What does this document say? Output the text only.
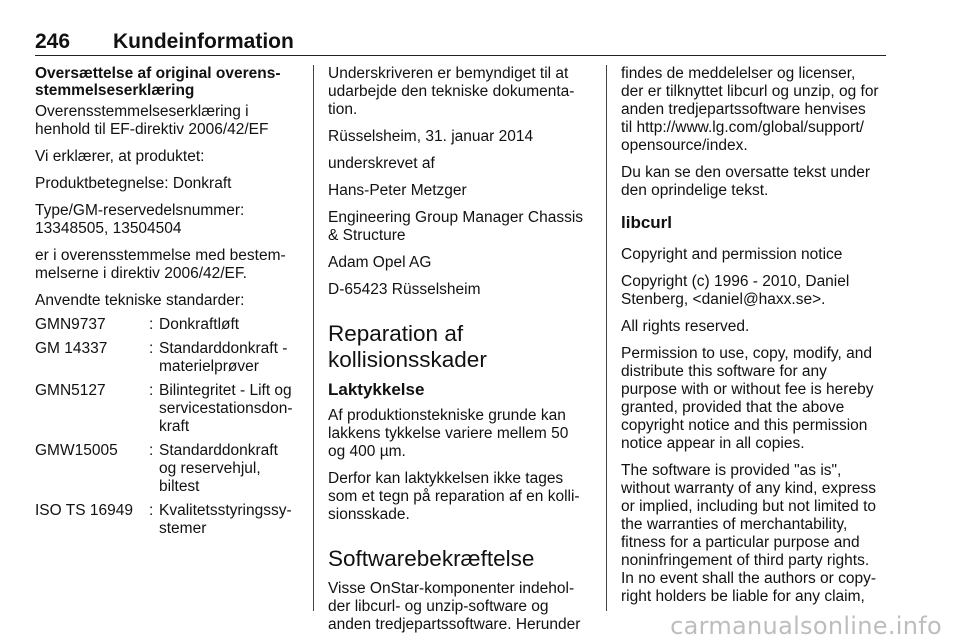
246 Kundeinformation
Oversættelse af original overens-
stemmelseserklæring
Overensstemmelseserklæring i
henhold til EF-direktiv 2006/42/EF
Vi erklærer, at produktet:
Produktbetegnelse: Donkraft
Type/GM-reservedelsnummer:
13348505, 13504504
er i overensstemmelse med bestem-
melserne i direktiv 2006/42/EF.
Anvendte tekniske standarder:
GMN9737	:	Donkraftløft
GM 14337	:	Standarddonkraft -
materielprøver
GMN5127	:	Bilintegritet - Lift og
servicestationsdon-
kraft
GMW15005	:	Standarddonkraft
og reservehjul,
biltest
ISO TS 16949	:	Kvalitetsstyringssy-
stemer
Underskriveren er bemyndiget til at
udarbejde den tekniske dokumenta-
tion.
Rüsselsheim, 31. januar 2014
underskrevet af
Hans-Peter Metzger
Engineering Group Manager Chassis
& Structure
Adam Opel AG
D-65423 Rüsselsheim
Reparation af
kollisionsskader
Laktykkelse
Af produktionstekniske grunde kan
lakkens tykkelse variere mellem 50
og 400 µm.
Derfor kan laktykkelsen ikke tages
som et tegn på reparation af en kolli-
sionsskade.
Softwarebekræftelse
Visse OnStar-komponenter indehol-
der libcurl- og unzip-software og
anden tredjepartssoftware. Herunder
findes de meddelelser og licenser,
der er tilknyttet libcurl og unzip, og for
anden tredjepartssoftware henvises
til http://www.lg.com/global/support/
opensource/index.
Du kan se den oversatte tekst under
den oprindelige tekst.
libcurl
Copyright and permission notice
Copyright (c) 1996 - 2010, Daniel
Stenberg, <daniel@haxx.se>.
All rights reserved.
Permission to use, copy, modify, and
distribute this software for any
purpose with or without fee is hereby
granted, provided that the above
copyright notice and this permission
notice appear in all copies.
The software is provided "as is",
without warranty of any kind, express
or implied, including but not limited to
the warranties of merchantability,
fitness for a particular purpose and
noninfringement of third party rights.
In no event shall the authors or copy-
right holders be liable for any claim,
carmanualsonline.info
